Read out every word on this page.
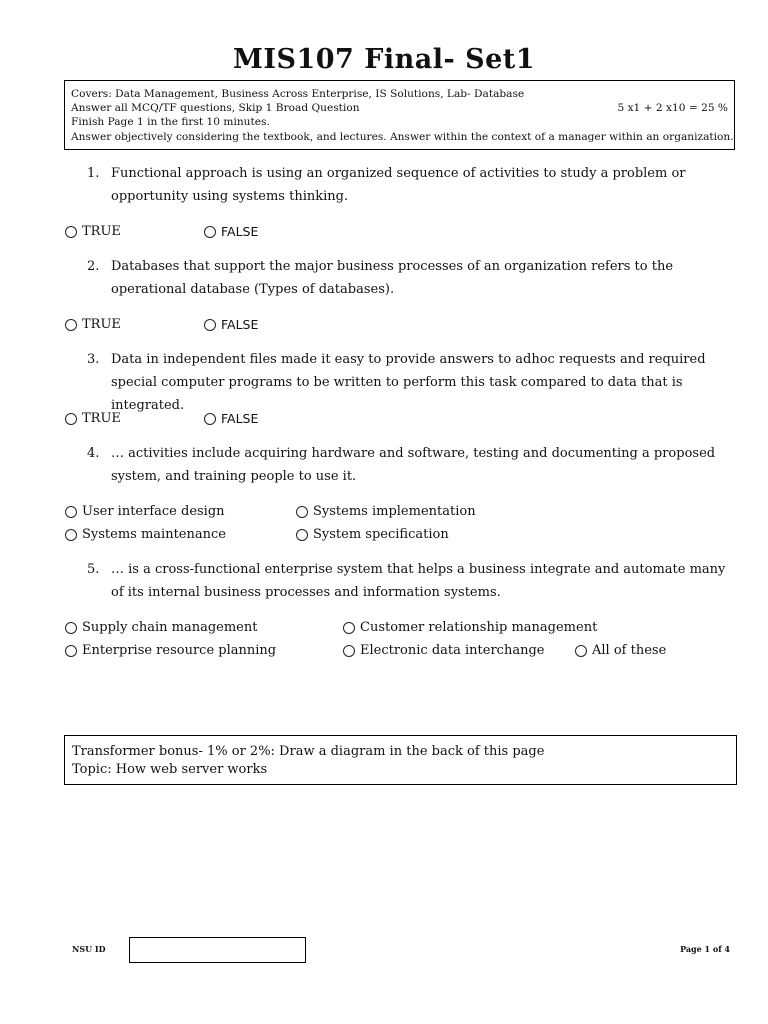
MIS107 Final- Set1
Covers: Data Management, Business Across Enterprise, IS Solutions, Lab- Database
Answer all MCQ/TF questions, Skip 1 Broad Question	5 x1 + 2 x10 = 25 %
Finish Page 1 in the first 10 minutes.
Answer objectively considering the textbook, and lectures. Answer within the context of a manager within an organization.
1. Functional approach is using an organized sequence of activities to study a problem or opportunity using systems thinking.
TRUE	FALSE
2. Databases that support the major business processes of an organization refers to the operational database (Types of databases).
TRUE	FALSE
3. Data in independent files made it easy to provide answers to adhoc requests and required special computer programs to be written to perform this task compared to data that is integrated.
TRUE	FALSE
4. … activities include acquiring hardware and software, testing and documenting a proposed system, and training people to use it.
User interface design	Systems implementation
Systems maintenance	System specification
5. … is a cross-functional enterprise system that helps a business integrate and automate many of its internal business processes and information systems.
Supply chain management	Customer relationship management
Enterprise resource planning	Electronic data interchange	All of these
Transformer bonus- 1% or 2%: Draw a diagram in the back of this page
Topic: How web server works
NSU ID	Page 1 of 4
